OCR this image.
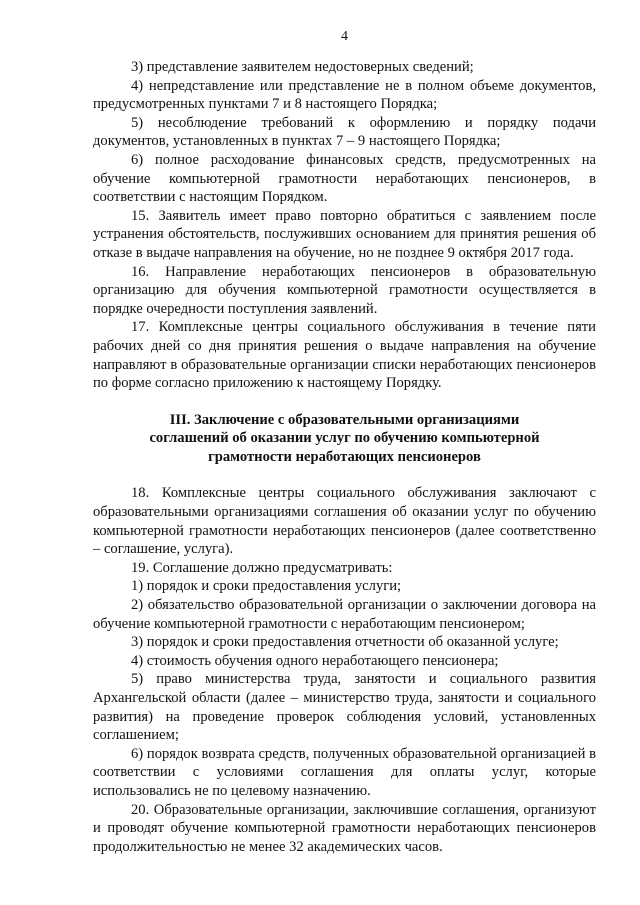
4

3) представление заявителем недостоверных сведений;

4) непредставление или представление не в полном объеме документов, предусмотренных пунктами 7 и 8 настоящего Порядка;

5) несоблюдение требований к оформлению и порядку подачи документов, установленных в пунктах 7 – 9 настоящего Порядка;

6) полное расходование финансовых средств, предусмотренных на обучение компьютерной грамотности неработающих пенсионеров, в соответствии с настоящим Порядком.

15. Заявитель имеет право повторно обратиться с заявлением после устранения обстоятельств, послуживших основанием для принятия решения об отказе в выдаче направления на обучение, но не позднее 9 октября 2017 года.

16. Направление неработающих пенсионеров в образовательную организацию для обучения компьютерной грамотности осуществляется в порядке очередности поступления заявлений.

17. Комплексные центры социального обслуживания в течение пяти рабочих дней со дня принятия решения о выдаче направления на обучение направляют в образовательные организации списки неработающих пенсионеров по форме согласно приложению к настоящему Порядку.

III. Заключение с образовательными организациями
соглашений об оказании услуг по обучению компьютерной
грамотности неработающих пенсионеров

18. Комплексные центры социального обслуживания заключают с образовательными организациями соглашения об оказании услуг по обучению компьютерной грамотности неработающих пенсионеров (далее соответственно – соглашение, услуга).

19. Соглашение должно предусматривать:

1) порядок и сроки предоставления услуги;

2) обязательство образовательной организации о заключении договора на обучение компьютерной грамотности с неработающим пенсионером;

3) порядок и сроки предоставления отчетности об оказанной услуге;

4) стоимость обучения одного неработающего пенсионера;

5) право министерства труда, занятости и социального развития Архангельской области (далее – министерство труда, занятости и социального развития) на проведение проверок соблюдения условий, установленных соглашением;

6) порядок возврата средств, полученных образовательной организацией в соответствии с условиями соглашения для оплаты услуг, которые использовались не по целевому назначению.

20. Образовательные организации, заключившие соглашения, организуют и проводят обучение компьютерной грамотности неработающих пенсионеров продолжительностью не менее 32 академических часов.
